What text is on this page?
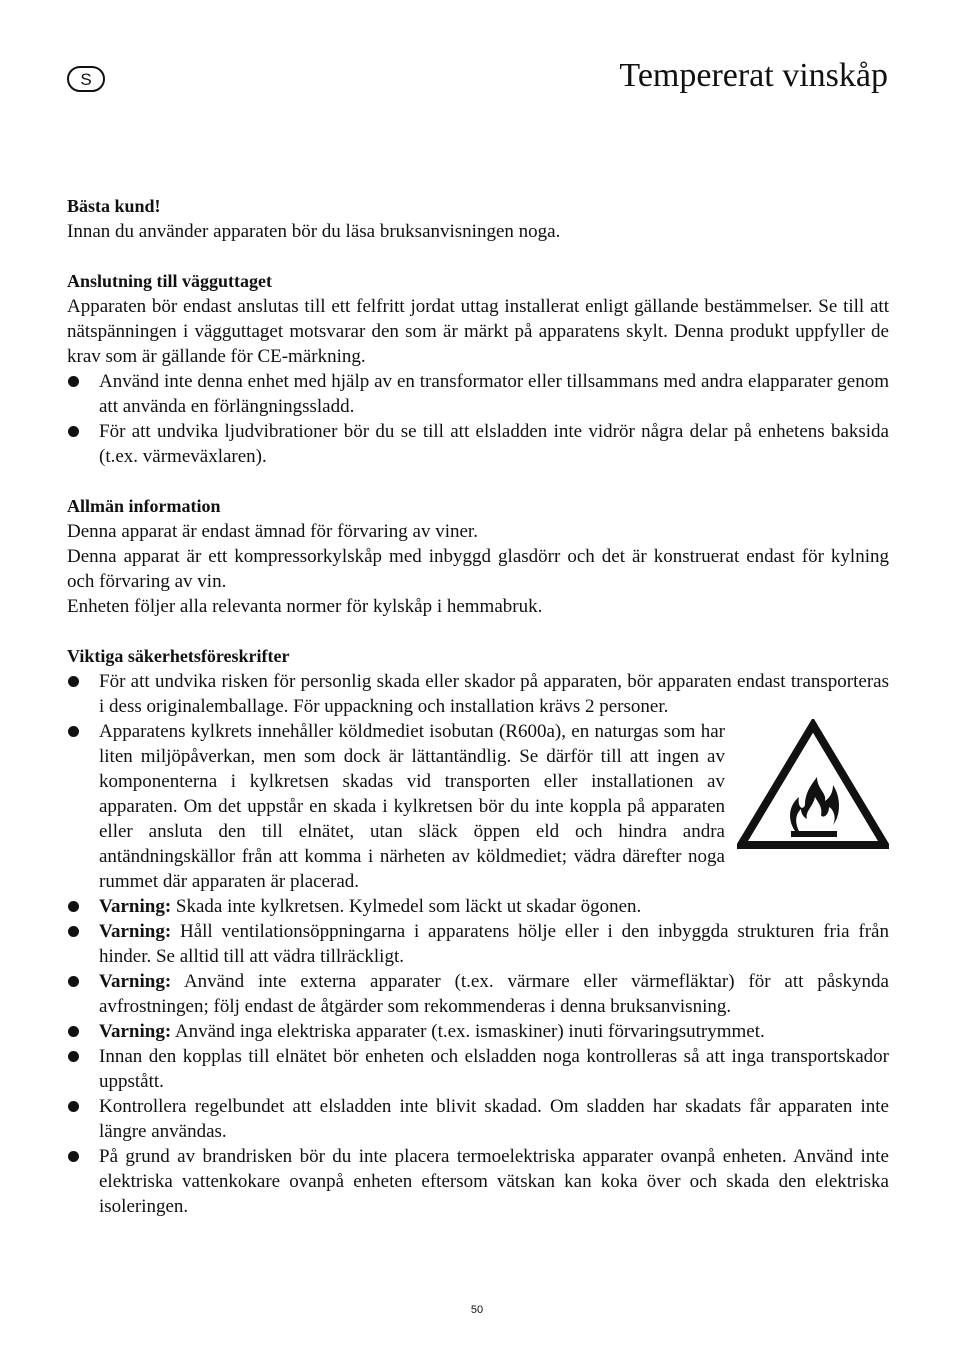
S	Tempererat vinskåp
Bästa kund!

Innan du använder apparaten bör du läsa bruksanvisningen noga.

Anslutning till vägguttaget

Apparaten bör endast anslutas till ett felfritt jordat uttag installerat enligt gällande bestämmelser. Se till att nätspänningen i vägguttaget motsvarar den som är märkt på apparatens skylt. Denna produkt uppfyller de krav som är gällande för CE-märkning.

Använd inte denna enhet med hjälp av en transformator eller tillsammans med andra elapparater genom att använda en förlängningssladd.
För att undvika ljudvibrationer bör du se till att elsladden inte vidrör några delar på enhetens baksida (t.ex. värmeväxlaren).
Allmän information

Denna apparat är endast ämnad för förvaring av viner.

Denna apparat är ett kompressorkylskåp med inbyggd glasdörr och det är konstruerat endast för kylning och förvaring av vin.

Enheten följer alla relevanta normer för kylskåp i hemmabruk.

Viktiga säkerhetsföreskrifter
För att undvika risken för personlig skada eller skador på apparaten, bör apparaten endast transporteras i dess originalemballage. För uppackning och installation krävs 2 personer.
Apparatens kylkrets innehåller köldmediet isobutan (R600a), en naturgas som har liten miljöpåverkan, men som dock är lättantändlig. Se därför till att ingen av komponenterna i kylkretsen skadas vid transporten eller installationen av apparaten. Om det uppstår en skada i kylkretsen bör du inte koppla på apparaten eller ansluta den till elnätet, utan släck öppen eld och hindra andra antändningskällor från att komma i närheten av köldmediet; vädra därefter noga rummet där apparaten är placerad.
Varning: Skada inte kylkretsen. Kylmedel som läckt ut skadar ögonen.
Varning: Håll ventilationsöppningarna i apparatens hölje eller i den inbyggda strukturen fria från hinder. Se alltid till att vädra tillräckligt.
Varning: Använd inte externa apparater (t.ex. värmare eller värmefläktar) för att påskynda avfrostningen; följ endast de åtgärder som rekommenderas i denna bruksanvisning.
Varning: Använd inga elektriska apparater (t.ex. ismaskiner) inuti förvaringsutrymmet.
Innan den kopplas till elnätet bör enheten och elsladden noga kontrolleras så att inga transportskador uppstått.
Kontrollera regelbundet att elsladden inte blivit skadad. Om sladden har skadats får apparaten inte längre användas.
På grund av brandrisken bör du inte placera termoelektriska apparater ovanpå enheten. Använd inte elektriska vattenkokare ovanpå enheten eftersom vätskan kan koka över och skada den elektriska isoleringen.
50
